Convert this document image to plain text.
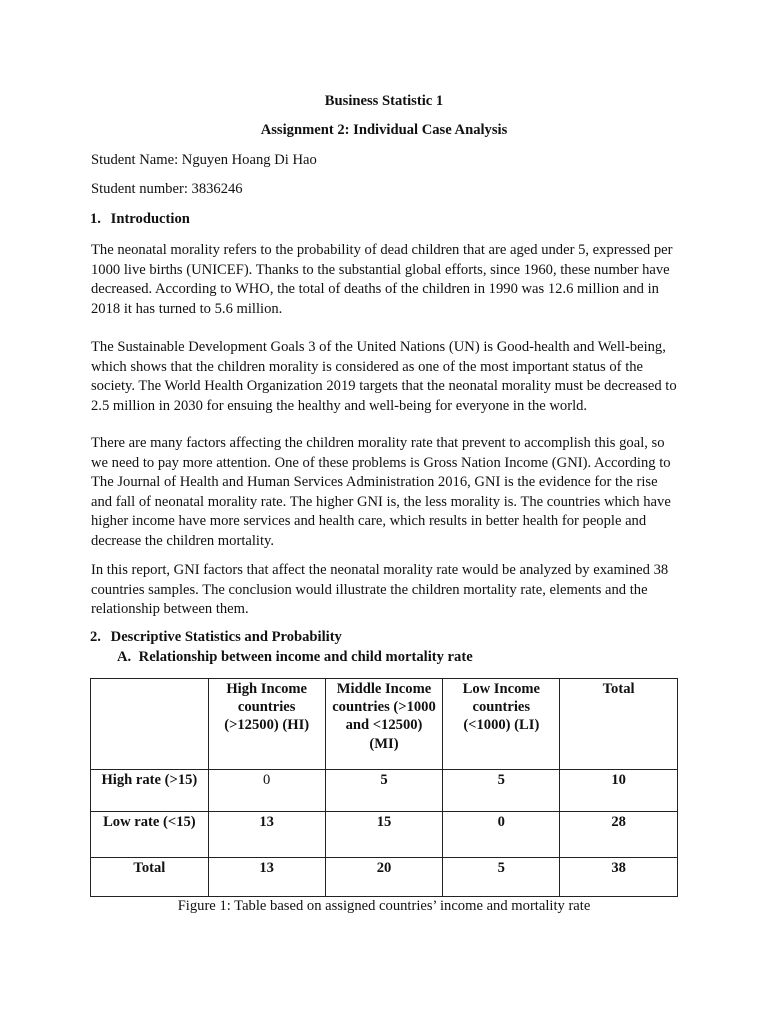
Business Statistic 1
Assignment 2: Individual Case Analysis
Student Name: Nguyen Hoang Di Hao
Student number: 3836246
1. Introduction

The neonatal morality refers to the probability of dead children that are aged under 5, expressed per 1000 live births (UNICEF). Thanks to the substantial global efforts, since 1960, these number have decreased. According to WHO, the total of deaths of the children in 1990 was 12.6 million and in 2018 it has turned to 5.6 million.

The Sustainable Development Goals 3 of the United Nations (UN) is Good-health and Well-being, which shows that the children morality is considered as one of the most important status of the society. The World Health Organization 2019 targets that the neonatal morality must be decreased to 2.5 million in 2030 for ensuing the healthy and well-being for everyone in the world.

There are many factors affecting the children morality rate that prevent to accomplish this goal, so we need to pay more attention. One of these problems is Gross Nation Income (GNI). According to The Journal of Health and Human Services Administration 2016, GNI is the evidence for the rise and fall of neonatal morality rate. The higher GNI is, the less morality is. The countries which have higher income have more services and health care, which results in better health for people and decrease the children mortality.

In this report, GNI factors that affect the neonatal morality rate would be analyzed by examined 38 countries samples. The conclusion would illustrate the children mortality rate, elements and the relationship between them.

2. Descriptive Statistics and Probability
A. Relationship between income and child mortality rate
	High Income countries (>12500) (HI)	Middle Income countries (>1000 and <12500) (MI)	Low Income countries (<1000) (LI)	Total
High rate (>15)	0	5	5	10
Low rate (<15)	13	15	0	28
Total	13	20	5	38
Figure 1: Table based on assigned countries’ income and mortality rate
